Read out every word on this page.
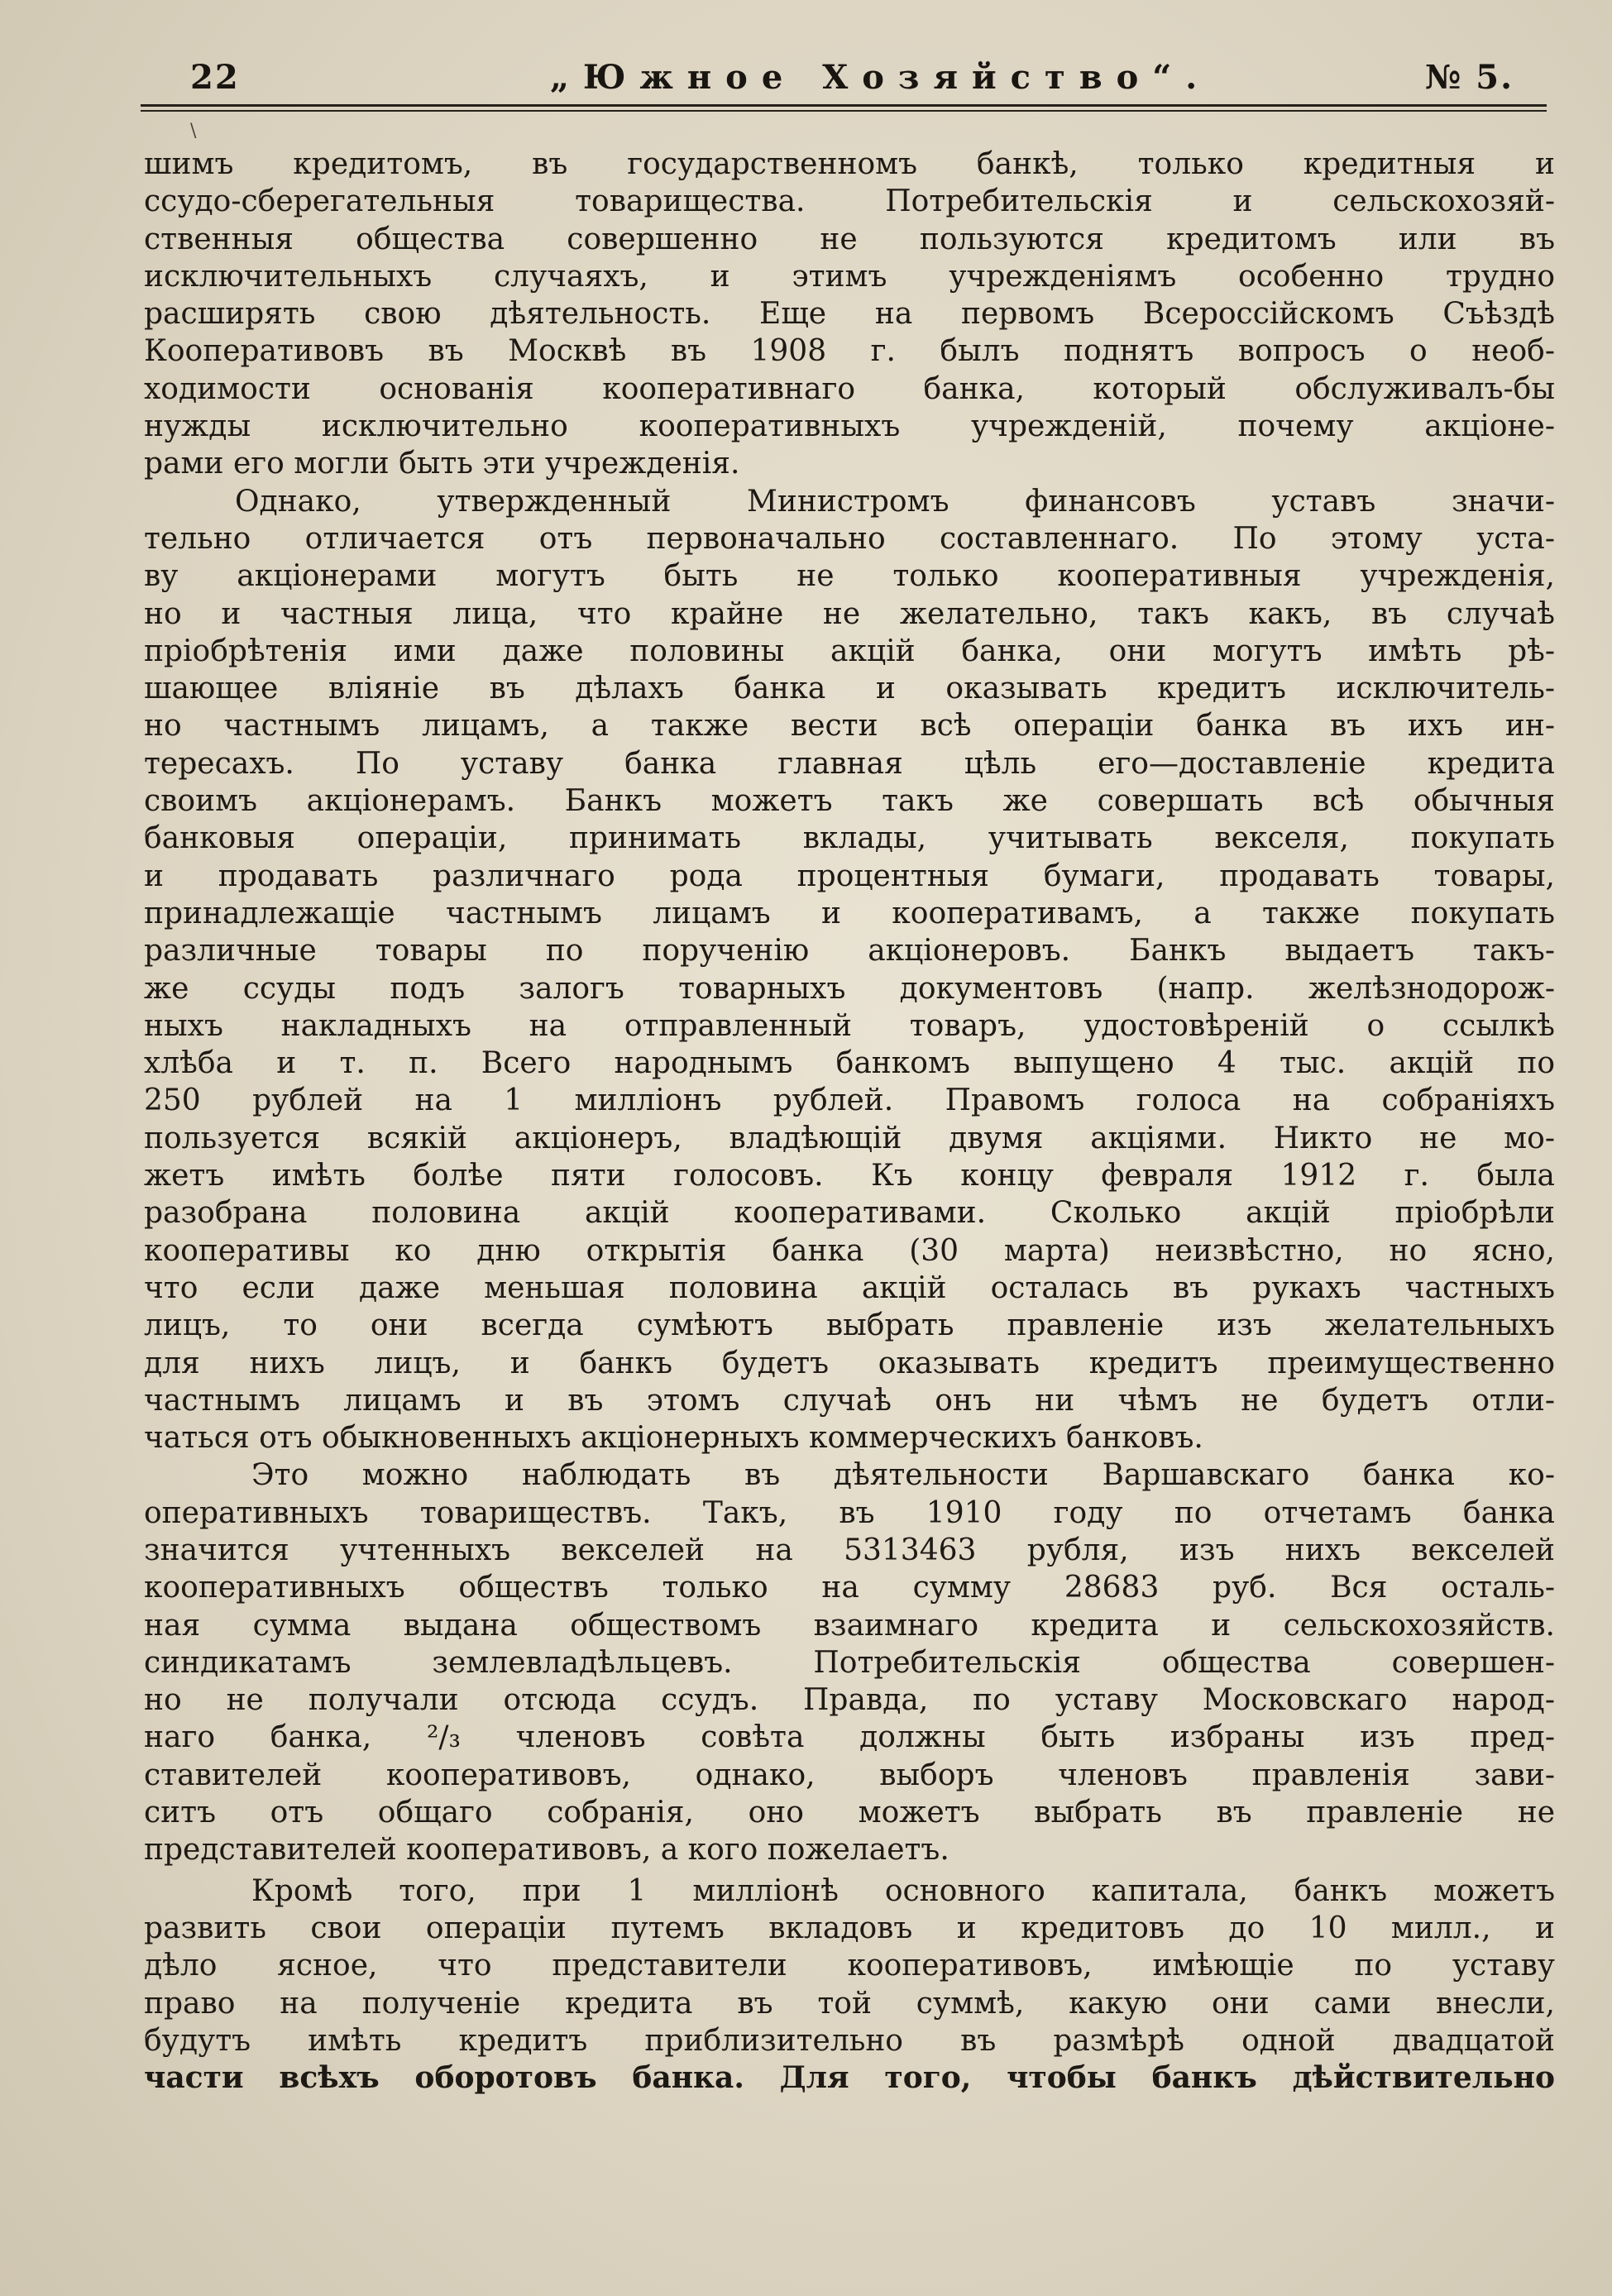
22	„Южное Хозяйство“.	№ 5.
\
шимъ кредитомъ, въ государственномъ банкѣ, только кредитныя и
ссудо-сберегательныя товарищества. Потребительскія и сельскохозяй-
ственныя общества совершенно не пользуются кредитомъ или въ
исключительныхъ случаяхъ, и этимъ учрежденіямъ особенно трудно
расширять свою дѣятельность. Еще на первомъ Всероссійскомъ Съѣздѣ
Кооперативовъ въ Москвѣ въ 1908 г. былъ поднятъ вопросъ о необ-
ходимости основанія кооперативнаго банка, который обслуживалъ-бы
нужды исключительно кооперативныхъ учрежденій, почему акціоне-
рами его могли быть эти учрежденія.
Однако, утвержденный Министромъ финансовъ уставъ значи-
тельно отличается отъ первоначально составленнаго. По этому уста-
ву акціонерами могутъ быть не только кооперативныя учрежденія,
но и частныя лица, что крайне не желательно, такъ какъ, въ случаѣ
пріобрѣтенія ими даже половины акцій банка, они могутъ имѣть рѣ-
шающее вліяніе въ дѣлахъ банка и оказывать кредитъ исключитель-
но частнымъ лицамъ, а также вести всѣ операціи банка въ ихъ ин-
тересахъ. По уставу банка главная цѣль его—доставленіе кредита
своимъ акціонерамъ. Банкъ можетъ такъ же совершать всѣ обычныя
банковыя операціи, принимать вклады, учитывать векселя, покупать
и продавать различнаго рода процентныя бумаги, продавать товары,
принадлежащіе частнымъ лицамъ и кооперативамъ, а также покупать
различные товары по порученію акціонеровъ. Банкъ выдаетъ такъ-
же ссуды подъ залогъ товарныхъ документовъ (напр. желѣзнодорож-
ныхъ накладныхъ на отправленный товаръ, удостовѣреній о ссылкѣ
хлѣба и т. п. Всего народнымъ банкомъ выпущено 4 тыс. акцій по
250 рублей на 1 милліонъ рублей. Правомъ голоса на собраніяхъ
пользуется всякій акціонеръ, владѣющій двумя акціями. Никто не мо-
жетъ имѣть болѣе пяти голосовъ. Къ концу февраля 1912 г. была
разобрана половина акцій кооперативами. Сколько акцій пріобрѣли
кооперативы ко дню открытія банка (30 марта) неизвѣстно, но ясно,
что если даже меньшая половина акцій осталась въ рукахъ частныхъ
лицъ, то они всегда сумѣютъ выбрать правленіе изъ желательныхъ
для нихъ лицъ, и банкъ будетъ оказывать кредитъ преимущественно
частнымъ лицамъ и въ этомъ случаѣ онъ ни чѣмъ не будетъ отли-
чаться отъ обыкновенныхъ акціонерныхъ коммерческихъ банковъ.
Это можно наблюдать въ дѣятельности Варшавскаго банка ко-
оперативныхъ товариществъ. Такъ, въ 1910 году по отчетамъ банка
значится учтенныхъ векселей на 5313463 рубля, изъ нихъ векселей
кооперативныхъ обществъ только на сумму 28683 руб. Вся осталь-
ная сумма выдана обществомъ взаимнаго кредита и сельскохозяйств.
синдикатамъ землевладѣльцевъ. Потребительскія общества совершен-
но не получали отсюда ссудъ. Правда, по уставу Московскаго народ-
наго банка, ²/₃ членовъ совѣта должны быть избраны изъ пред-
ставителей кооперативовъ, однако, выборъ членовъ правленія зави-
ситъ отъ общаго собранія, оно можетъ выбрать въ правленіе не
представителей кооперативовъ, а кого пожелаетъ.
Кромѣ того, при 1 милліонѣ основного капитала, банкъ можетъ
развить свои операціи путемъ вкладовъ и кредитовъ до 10 милл., и
дѣло ясное, что представители кооперативовъ, имѣющіе по уставу
право на полученіе кредита въ той суммѣ, какую они сами внесли,
будутъ имѣть кредитъ приблизительно въ размѣрѣ одной двадцатой
части всѣхъ оборотовъ банка. Для того, чтобы банкъ дѣйствительно
